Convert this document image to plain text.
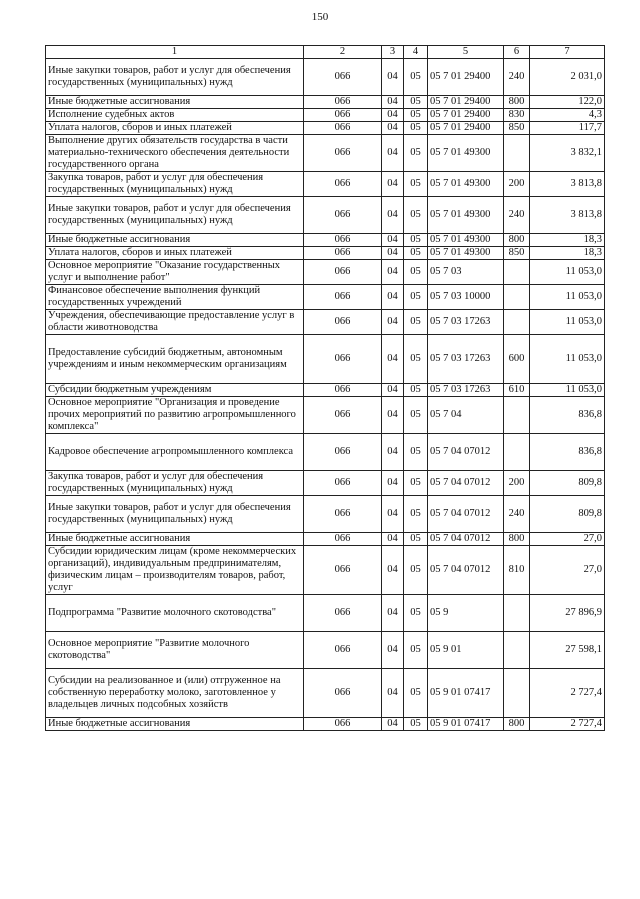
150
1	2	3	4	5	6	7
Иные закупки товаров, работ и услуг для обеспечения государственных (муниципальных) нужд	066	04	05	05 7 01 29400	240	2 031,0
Иные бюджетные ассигнования	066	04	05	05 7 01 29400	800	122,0
Исполнение судебных актов	066	04	05	05 7 01 29400	830	4,3
Уплата налогов, сборов и иных платежей	066	04	05	05 7 01 29400	850	117,7
Выполнение других обязательств государства в части материально-технического обеспечения деятельности государственного органа	066	04	05	05 7 01 49300		3 832,1
Закупка товаров, работ и услуг для обеспечения государственных (муниципальных) нужд	066	04	05	05 7 01 49300	200	3 813,8
Иные закупки товаров, работ и услуг для обеспечения государственных (муниципальных) нужд	066	04	05	05 7 01 49300	240	3 813,8
Иные бюджетные ассигнования	066	04	05	05 7 01 49300	800	18,3
Уплата налогов, сборов и иных платежей	066	04	05	05 7 01 49300	850	18,3
Основное мероприятие "Оказание государственных услуг и выполнение работ"	066	04	05	05 7 03		11 053,0
Финансовое обеспечение выполнения функций государственных учреждений	066	04	05	05 7 03 10000		11 053,0
Учреждения, обеспечивающие предоставление услуг в области животноводства	066	04	05	05 7 03 17263		11 053,0
Предоставление субсидий бюджетным, автономным учреждениям и иным некоммерческим организациям	066	04	05	05 7 03 17263	600	11 053,0
Субсидии бюджетным учреждениям	066	04	05	05 7 03 17263	610	11 053,0
Основное мероприятие "Организация и проведение прочих мероприятий по развитию агропромышленного комплекса"	066	04	05	05 7 04		836,8
Кадровое обеспечение агропромышленного комплекса	066	04	05	05 7 04 07012		836,8
Закупка товаров, работ и услуг для обеспечения государственных (муниципальных) нужд	066	04	05	05 7 04 07012	200	809,8
Иные закупки товаров, работ и услуг для обеспечения государственных (муниципальных) нужд	066	04	05	05 7 04 07012	240	809,8
Иные бюджетные ассигнования	066	04	05	05 7 04 07012	800	27,0
Субсидии юридическим лицам (кроме некоммерческих организаций), индивидуальным предпринимателям, физическим лицам – производителям товаров, работ, услуг	066	04	05	05 7 04 07012	810	27,0
Подпрограмма "Развитие молочного скотоводства"	066	04	05	05 9		27 896,9
Основное мероприятие "Развитие молочного скотоводства"	066	04	05	05 9 01		27 598,1
Субсидии на реализованное и (или) отгруженное на собственную переработку молоко, заготовленное у владельцев личных подсобных хозяйств	066	04	05	05 9 01 07417		2 727,4
Иные бюджетные ассигнования	066	04	05	05 9 01 07417	800	2 727,4
